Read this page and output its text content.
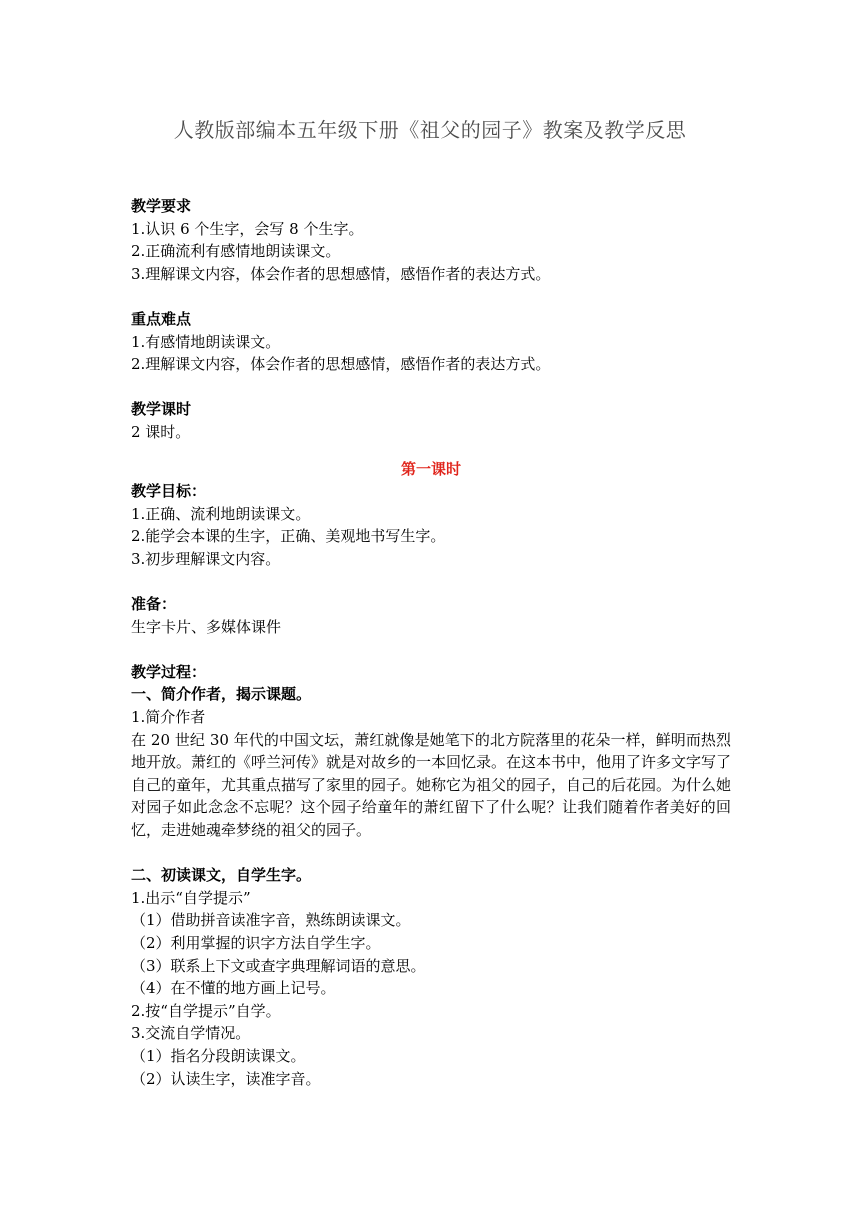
人教版部编本五年级下册《祖父的园子》教案及教学反思
教学要求
1.认识 6 个生字，会写 8 个生字。
2.正确流利有感情地朗读课文。
3.理解课文内容，体会作者的思想感情，感悟作者的表达方式。
重点难点
1.有感情地朗读课文。
2.理解课文内容，体会作者的思想感情，感悟作者的表达方式。
教学课时
2 课时。
第一课时
教学目标：
1.正确、流利地朗读课文。
2.能学会本课的生字，正确、美观地书写生字。
3.初步理解课文内容。
准备：
生字卡片、多媒体课件
教学过程：
一、简介作者，揭示课题。
1.简介作者
在 20 世纪 30 年代的中国文坛，萧红就像是她笔下的北方院落里的花朵一样，鲜明而热烈地开放。萧红的《呼兰河传》就是对故乡的一本回忆录。在这本书中，他用了许多文字写了自己的童年，尤其重点描写了家里的园子。她称它为祖父的园子，自己的后花园。为什么她对园子如此念念不忘呢？这个园子给童年的萧红留下了什么呢？让我们随着作者美好的回忆，走进她魂牵梦绕的祖父的园子。
二、初读课文，自学生字。
1.出示“自学提示”
（1）借助拼音读准字音，熟练朗读课文。
（2）利用掌握的识字方法自学生字。
（3）联系上下文或查字典理解词语的意思。
（4）在不懂的地方画上记号。
2.按“自学提示”自学。
3.交流自学情况。
（1）指名分段朗读课文。
（2）认读生字，读准字音。
